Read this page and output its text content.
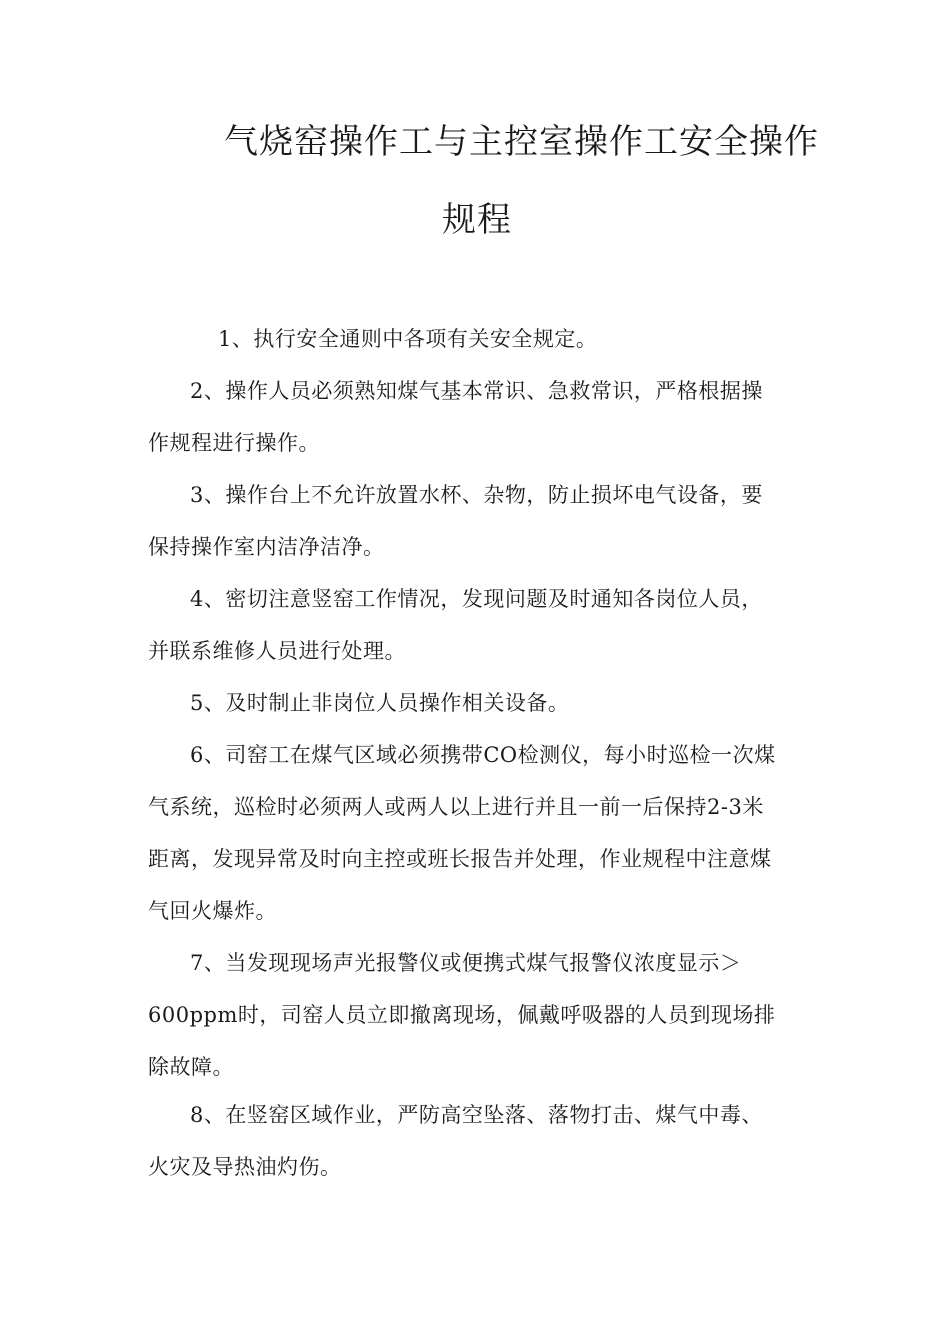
气烧窑操作工与主控室操作工安全操作
规程
1、执行安全通则中各项有关安全规定。
2、操作人员必须熟知煤气基本常识、急救常识，严格根据操
作规程进行操作。
3、操作台上不允许放置水杯、杂物，防止损坏电气设备，要
保持操作室内洁净洁净。
4、密切注意竖窑工作情况，发现问题及时通知各岗位人员，
并联系维修人员进行处理。
5、及时制止非岗位人员操作相关设备。
6、司窑工在煤气区域必须携带CO检测仪，每小时巡检一次煤
气系统，巡检时必须两人或两人以上进行并且一前一后保持2-3米
距离，发现异常及时向主控或班长报告并处理，作业规程中注意煤
气回火爆炸。
7、当发现现场声光报警仪或便携式煤气报警仪浓度显示＞
600ppm时，司窑人员立即撤离现场，佩戴呼吸器的人员到现场排
除故障。
8、在竖窑区域作业，严防高空坠落、落物打击、煤气中毒、
火灾及导热油灼伤。
